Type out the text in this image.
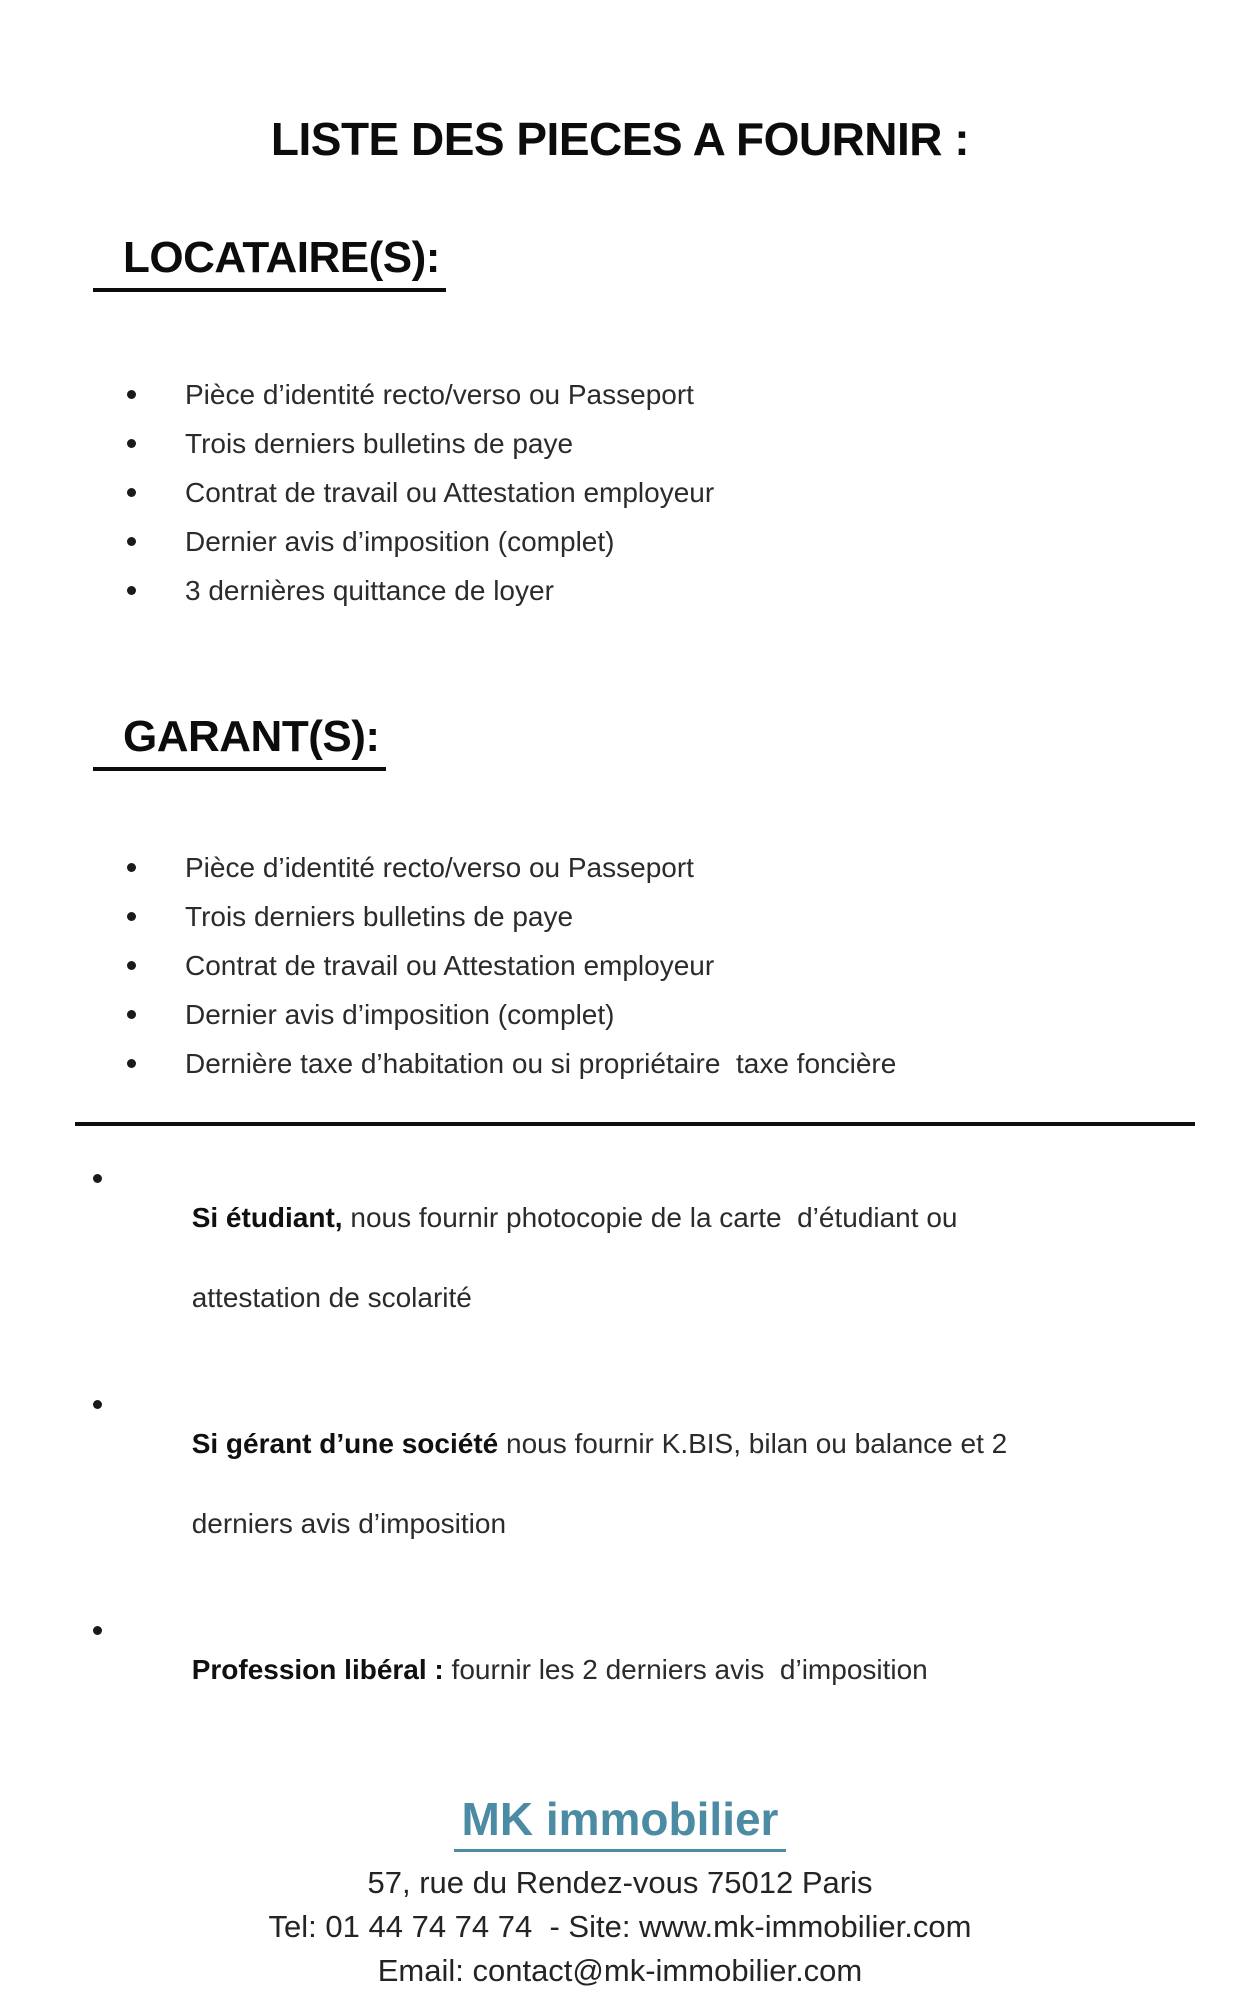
LISTE DES PIECES A FOURNIR :
LOCATAIRE(S):
Pièce d’identité recto/verso ou Passeport
Trois derniers bulletins de paye
Contrat de travail ou Attestation employeur
Dernier avis d’imposition (complet)
3 dernières quittance de loyer
GARANT(S):
Pièce d’identité recto/verso ou Passeport
Trois derniers bulletins de paye
Contrat de travail ou Attestation employeur
Dernier avis d’imposition (complet)
Dernière taxe d’habitation ou si propriétaire  taxe foncière

Si étudiant, nous fournir photocopie de la carte  d’étudiant ou

attestation de scolarité

Si gérant d’une société nous fournir K.BIS, bilan ou balance et 2

derniers avis d’imposition

Profession libéral : fournir les 2 derniers avis  d’imposition

MK immobilier

57, rue du Rendez-vous 75012 Paris

Tel: 01 44 74 74 74  - Site: www.mk-immobilier.com

Email: contact@mk-immobilier.com
